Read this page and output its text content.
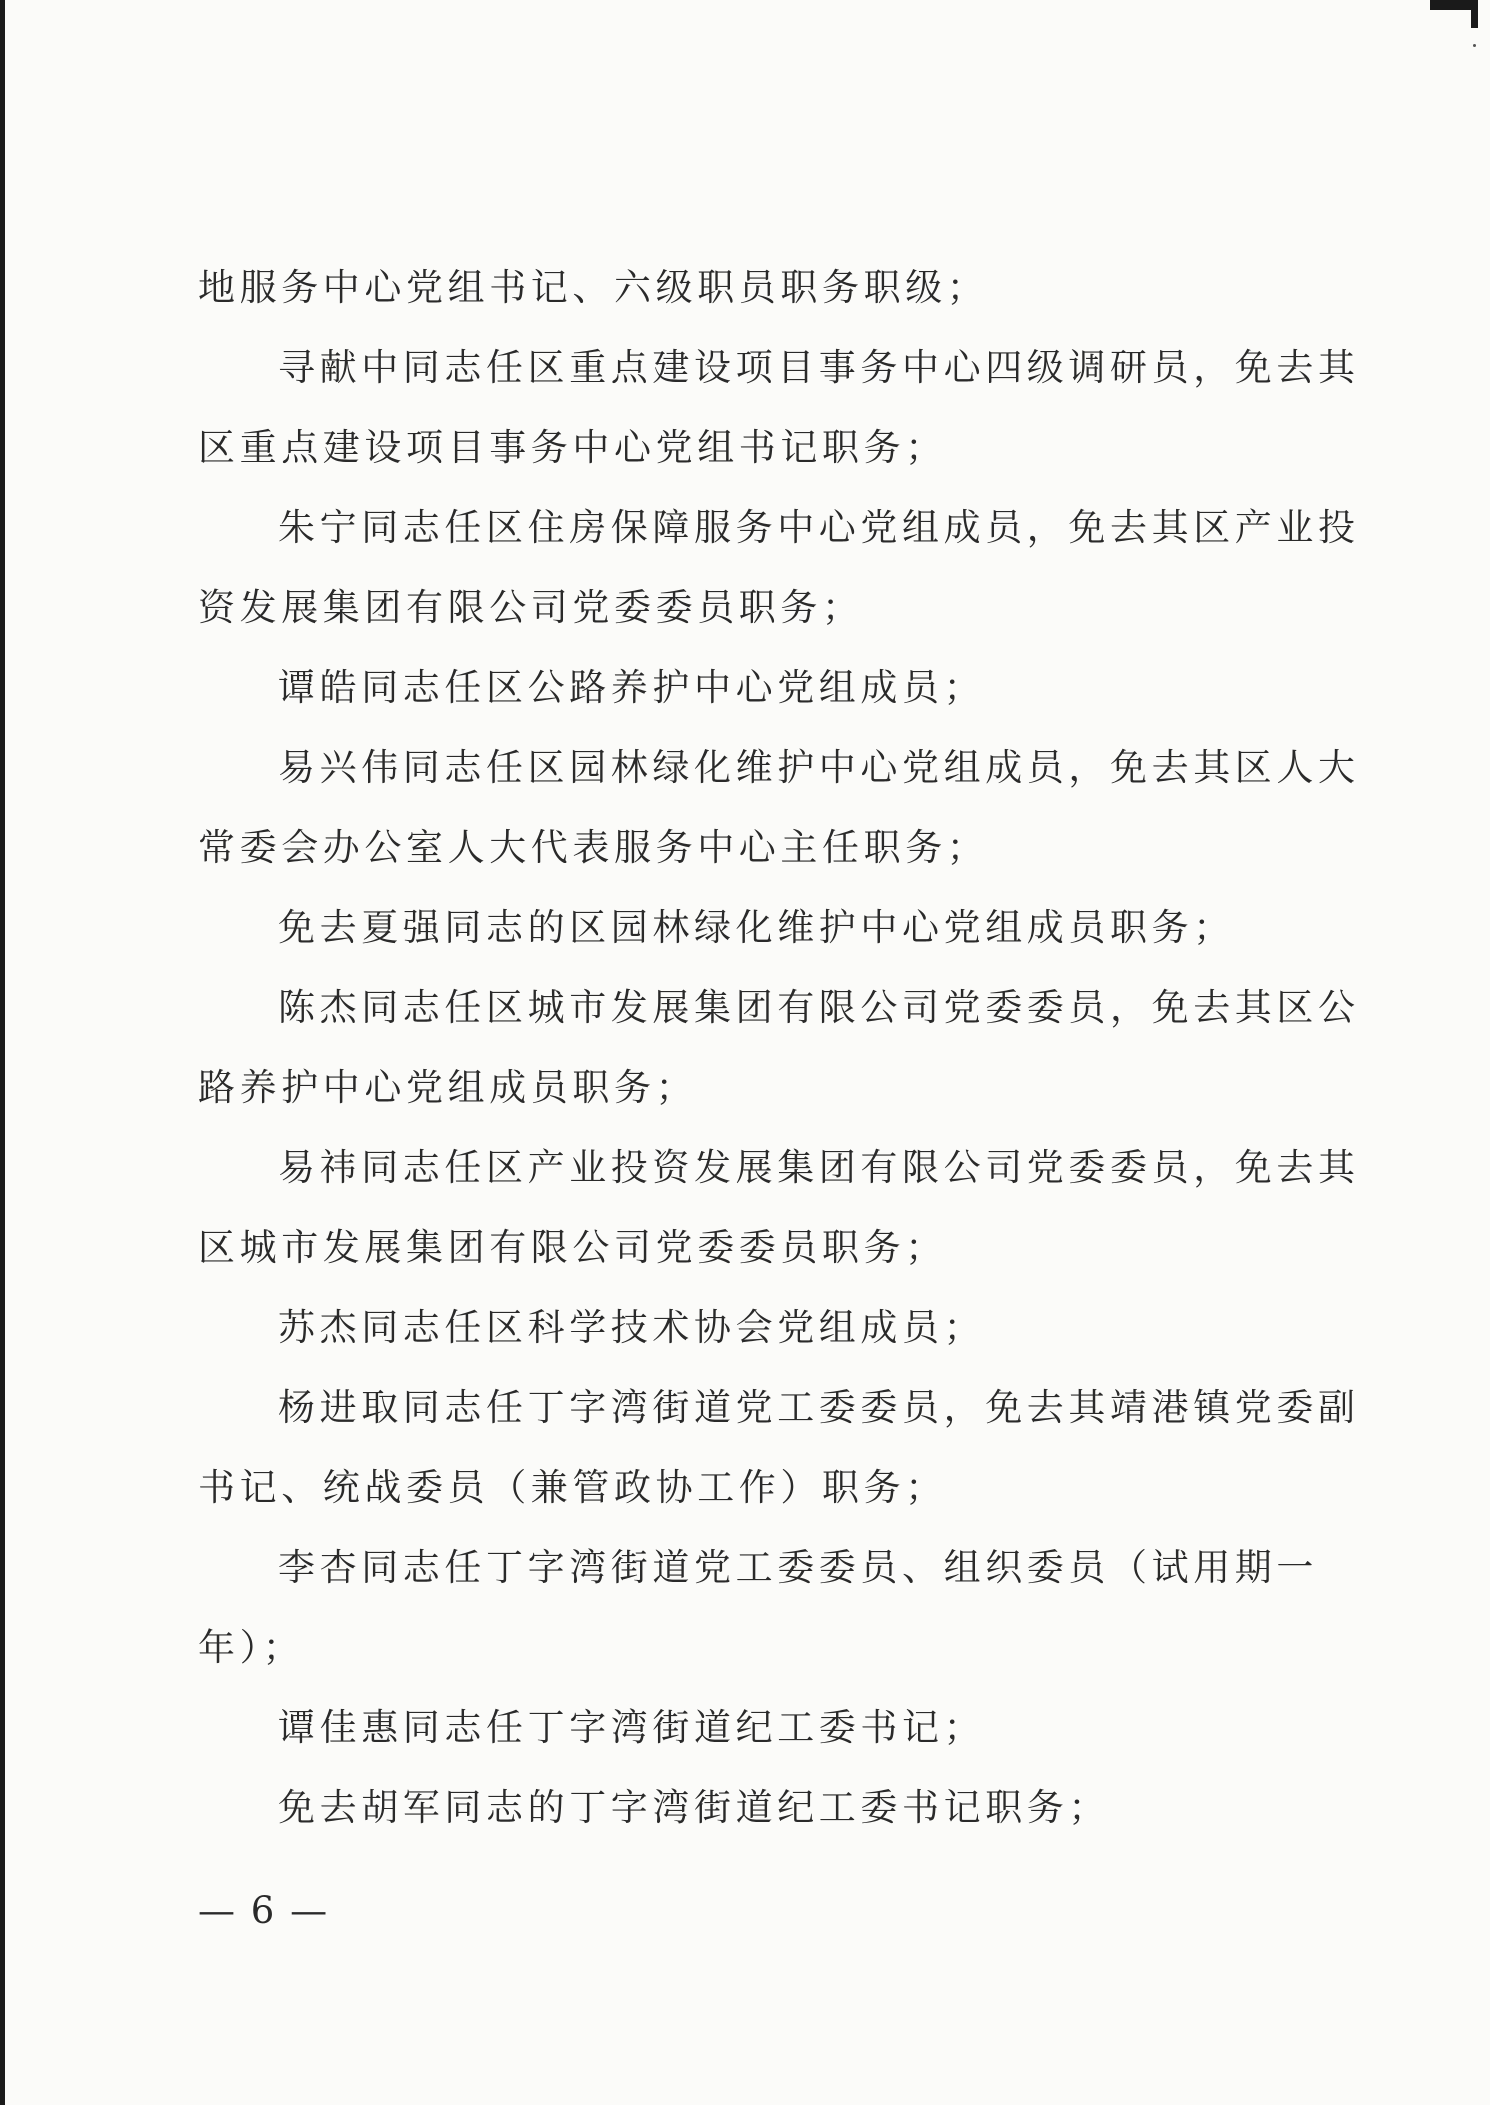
地服务中心党组书记、六级职员职务职级；
寻献中同志任区重点建设项目事务中心四级调研员，免去其
区重点建设项目事务中心党组书记职务；
朱宁同志任区住房保障服务中心党组成员，免去其区产业投
资发展集团有限公司党委委员职务；
谭皓同志任区公路养护中心党组成员；
易兴伟同志任区园林绿化维护中心党组成员，免去其区人大
常委会办公室人大代表服务中心主任职务；
免去夏强同志的区园林绿化维护中心党组成员职务；
陈杰同志任区城市发展集团有限公司党委委员，免去其区公
路养护中心党组成员职务；
易祎同志任区产业投资发展集团有限公司党委委员，免去其
区城市发展集团有限公司党委委员职务；
苏杰同志任区科学技术协会党组成员；
杨进取同志任丁字湾街道党工委委员，免去其靖港镇党委副
书记、统战委员（兼管政协工作）职务；
李杏同志任丁字湾街道党工委委员、组织委员（试用期一
年）；
谭佳惠同志任丁字湾街道纪工委书记；
免去胡军同志的丁字湾街道纪工委书记职务；
— 6 —
